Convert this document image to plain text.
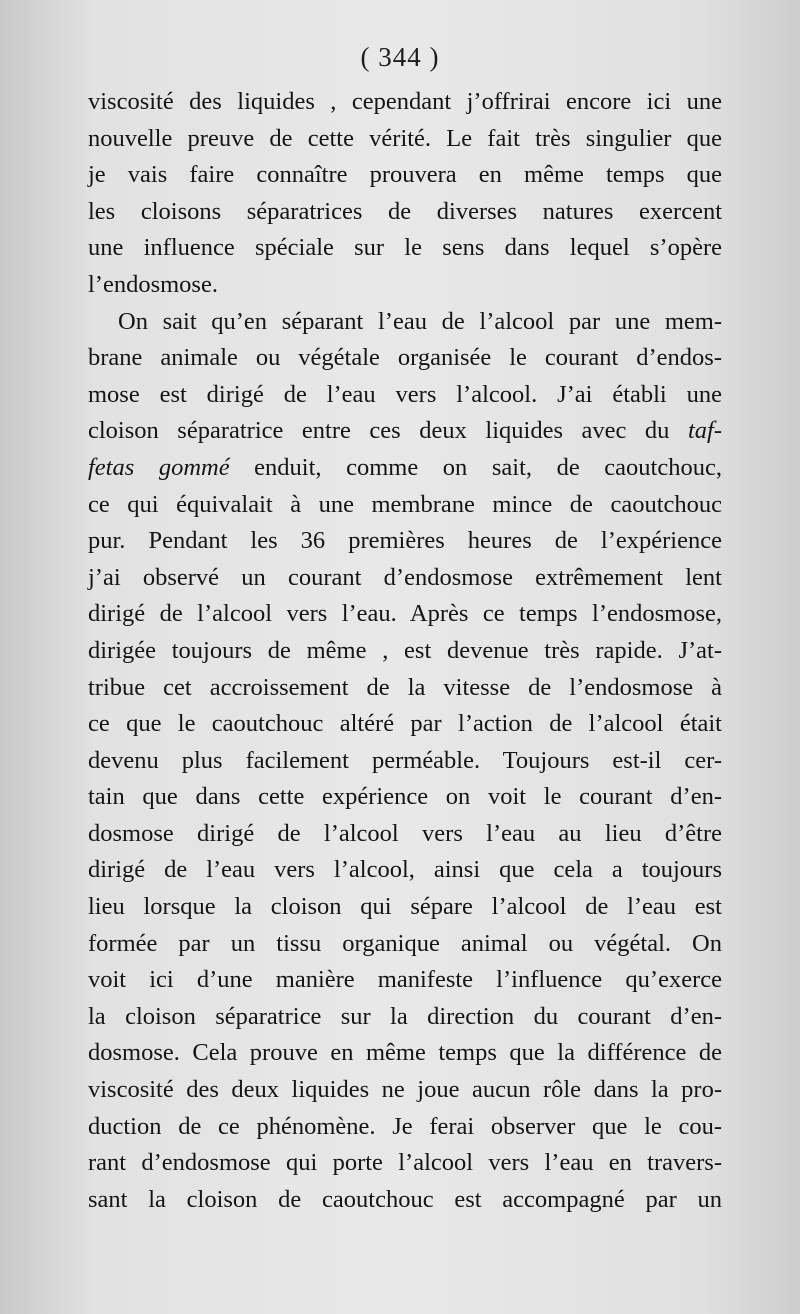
( 344 )
viscosité des liquides , cependant j’offrirai encore ici une
nouvelle preuve de cette vérité. Le fait très singulier que
je vais faire connaître prouvera en même temps que
les cloisons séparatrices de diverses natures exercent
une influence spéciale sur le sens dans lequel s’opère
l’endosmose.
On sait qu’en séparant l’eau de l’alcool par une mem-
brane animale ou végétale organisée le courant d’endos-
mose est dirigé de l’eau vers l’alcool. J’ai établi une
cloison séparatrice entre ces deux liquides avec du taf-
fetas gommé enduit, comme on sait, de caoutchouc,
ce qui équivalait à une membrane mince de caoutchouc
pur. Pendant les 36 premières heures de l’expérience
j’ai observé un courant d’endosmose extrêmement lent
dirigé de l’alcool vers l’eau. Après ce temps l’endosmose,
dirigée toujours de même , est devenue très rapide. J’at-
tribue cet accroissement de la vitesse de l’endosmose à
ce que le caoutchouc altéré par l’action de l’alcool était
devenu plus facilement perméable. Toujours est-il cer-
tain que dans cette expérience on voit le courant d’en-
dosmose dirigé de l’alcool vers l’eau au lieu d’être
dirigé de l’eau vers l’alcool, ainsi que cela a toujours
lieu lorsque la cloison qui sépare l’alcool de l’eau est
formée par un tissu organique animal ou végétal. On
voit ici d’une manière manifeste l’influence qu’exerce
la cloison séparatrice sur la direction du courant d’en-
dosmose. Cela prouve en même temps que la différence de
viscosité des deux liquides ne joue aucun rôle dans la pro-
duction de ce phénomène. Je ferai observer que le cou-
rant d’endosmose qui porte l’alcool vers l’eau en travers-
sant la cloison de caoutchouc est accompagné par un
